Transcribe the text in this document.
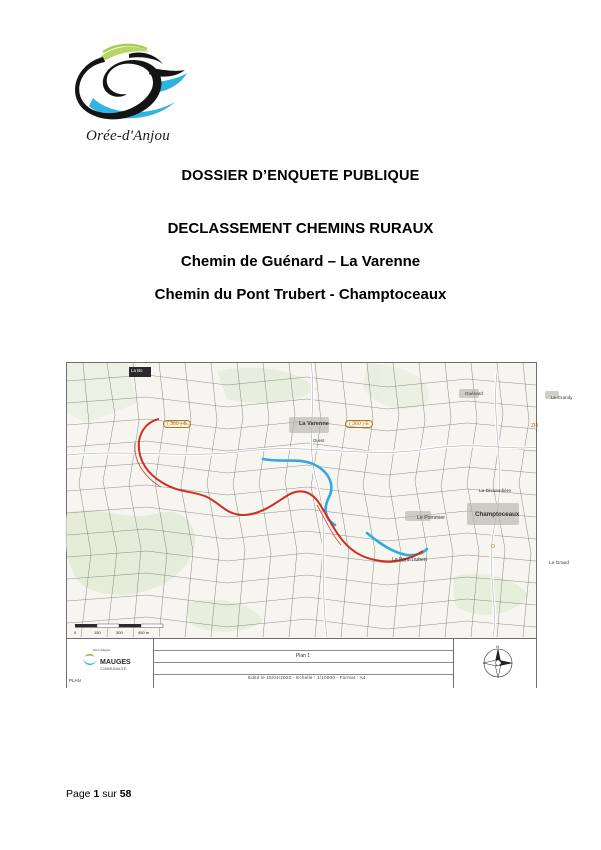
Orée-d'Anjou
DOSSIER D’ENQUETE PUBLIQUE
DECLASSEMENT CHEMINS RURAUX
Chemin de Guénard – La Varenne
Chemin du Pont Trubert - Champtoceaux
La Varenne
Ouest
Guénard
Le Grandy
La Dissaudière
Champtoceaux
Le Pommier
Le Pont-Trubert
Le Grand
La Bo
( 360 ) B	( 360 ) E	ZH
D
0	150	300	450 m
Orée d'Anjou
MAUGES
COMMUNAUTÉ
PLAN
Plan 1
Edité le 15/04/2020 - Echelle : 1/10000 - Format : A4
N
Page 1 sur 58
